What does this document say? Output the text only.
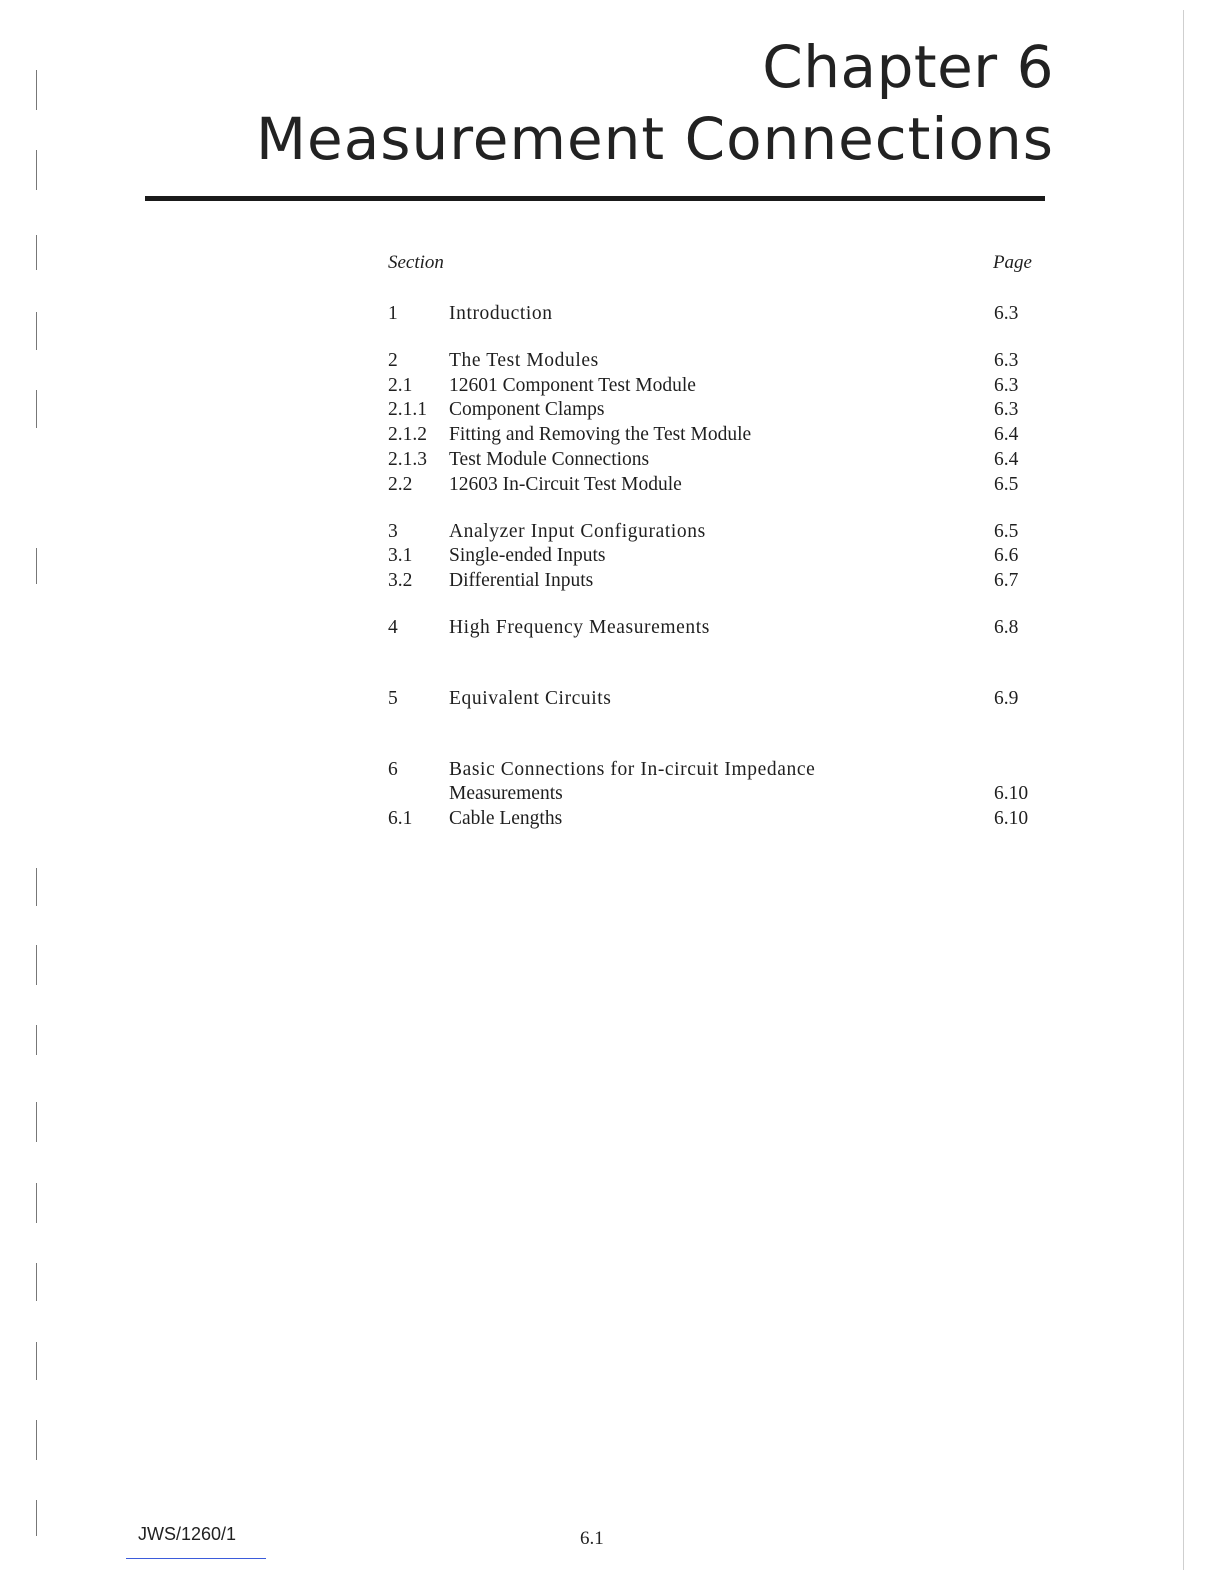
Chapter 6
Measurement Connections
Section	Page
1	Introduction	6.3
2	The Test Modules	6.3
2.1 12601 Component Test Module	6.3
2.1.1 Component Clamps	6.3
2.1.2 Fitting and Removing the Test Module	6.4
2.1.3 Test Module Connections	6.4
2.2 12603 In-Circuit Test Module	6.5
3	Analyzer Input Configurations	6.5
3.1 Single-ended Inputs	6.6
3.2 Differential Inputs	6.7
4	High Frequency Measurements	6.8
5	Equivalent Circuits	6.9
6	Basic Connections for In-circuit Impedance
Measurements	6.10
6.1 Cable Lengths	6.10
JWS/1260/1	6.1
